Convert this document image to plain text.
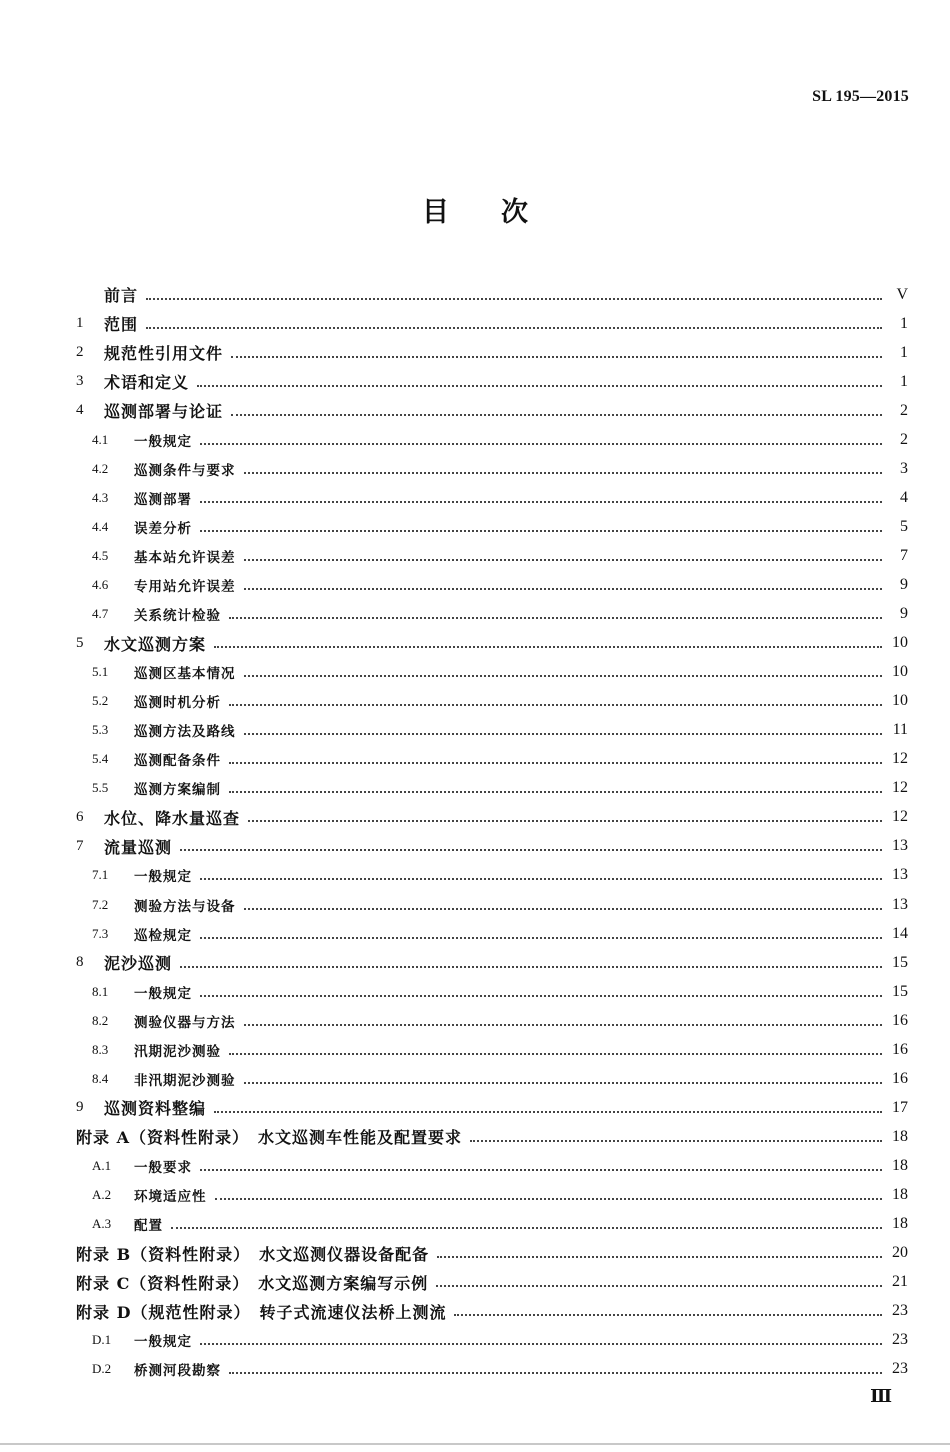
SL 195—2015
目 次
前言	V
1	范围	1
2	规范性引用文件	1
3	术语和定义	1
4	巡测部署与论证	2
4.1	一般规定	2
4.2	巡测条件与要求	3
4.3	巡测部署	4
4.4	误差分析	5
4.5	基本站允许误差	7
4.6	专用站允许误差	9
4.7	关系统计检验	9
5	水文巡测方案	10
5.1	巡测区基本情况	10
5.2	巡测时机分析	10
5.3	巡测方法及路线	11
5.4	巡测配备条件	12
5.5	巡测方案编制	12
6	水位、降水量巡查	12
7	流量巡测	13
7.1	一般规定	13
7.2	测验方法与设备	13
7.3	巡检规定	14
8	泥沙巡测	15
8.1	一般规定	15
8.2	测验仪器与方法	16
8.3	汛期泥沙测验	16
8.4	非汛期泥沙测验	16
9	巡测资料整编	17
附录 A（资料性附录）　水文巡测车性能及配置要求	18
A.1	一般要求	18
A.2	环境适应性	18
A.3	配置	18
附录 B（资料性附录）　水文巡测仪器设备配备	20
附录 C（资料性附录）　水文巡测方案编写示例	21
附录 D（规范性附录）　转子式流速仪法桥上测流	23
D.1	一般规定	23
D.2	桥测河段勘察	23
Ⅲ
